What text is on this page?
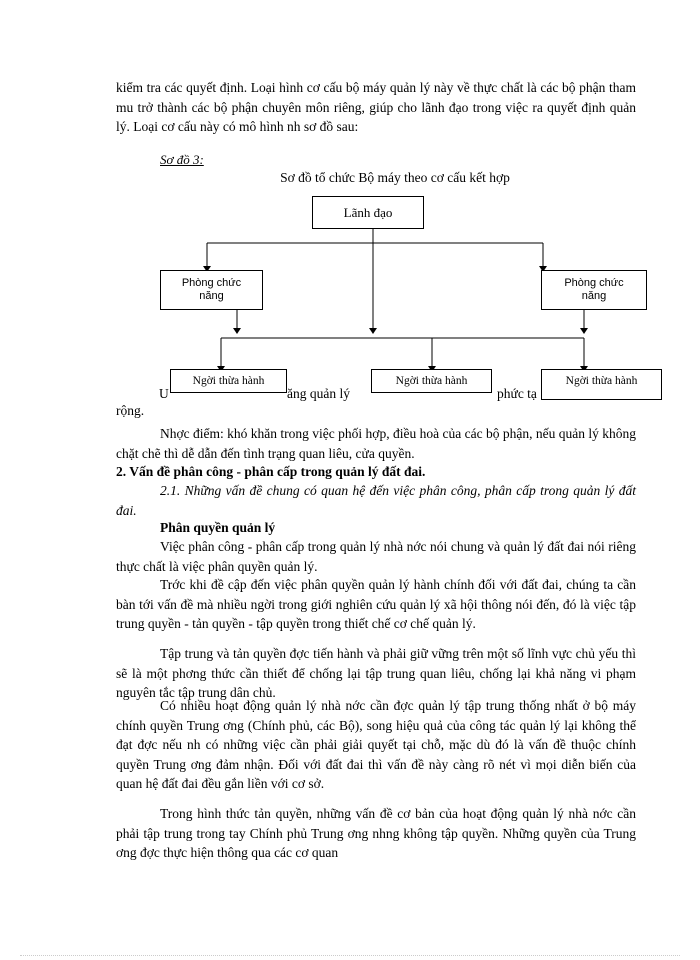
kiểm tra các quyết định. Loại hình cơ cấu bộ máy quản lý này về thực chất là các bộ phận tham mu trở thành các bộ phận chuyên môn riêng, giúp cho lãnh đạo trong việc ra quyết định quản lý. Loại cơ cấu này có mô hình nh sơ đồ sau:

Sơ đồ 3:
Sơ đồ tổ chức Bộ máy theo cơ cấu kết hợp
Lãnh đạo
Phòng chức năng
Phòng chức năng
U	ăng quản lý	phức tạ
rộng.
Ngời thừa hành	Ngời thừa hành	Ngời thừa hành

Nhợc điểm: khó khăn trong việc phối hợp, điều hoà của các bộ phận, nếu quản lý không chặt chẽ thì dễ dẫn đến tình trạng quan liêu, cửa quyền.

2. Vấn đề phân công - phân cấp trong quản lý đất đai.

2.1. Những vấn đề chung có quan hệ đến việc phân công, phân cấp trong quản lý đất đai.

Phân quyền quản lý

Việc phân công - phân cấp trong quản lý nhà nớc nói chung và quản lý đất đai nói riêng thực chất là việc phân quyền quản lý.

Trớc khi đề cập đến việc phân quyền quản lý hành chính đối với đất đai, chúng ta cần bàn tới vấn đề mà nhiều ngời trong giới nghiên cứu quản lý xã hội thông nói đến, đó là việc tập trung quyền - tản quyền - tập quyền trong thiết chế cơ chế quản lý.

Tập trung và tản quyền đợc tiến hành và phải giữ vững trên một số lĩnh vực chủ yếu thì sẽ là một phơng thức cần thiết để chống lại tập trung quan liêu, chống lại khả năng vi phạm nguyên tắc tập trung dân chủ.

Có nhiều hoạt động quản lý nhà nớc cần đợc quản lý tập trung thống nhất ở bộ máy chính quyền Trung ơng (Chính phủ, các Bộ), song hiệu quả của công tác quản lý lại không thể đạt đợc nếu nh có những việc cần phải giải quyết tại chỗ, mặc dù đó là vấn đề thuộc chính quyền Trung ơng đảm nhận. Đối với đất đai thì vấn đề này càng rõ nét vì mọi diễn biến của quan hệ đất đai đều gắn liền với cơ sở.

Trong hình thức tản quyền, những vấn đề cơ bản của hoạt động quản lý nhà nớc cần phải tập trung trong tay Chính phủ Trung ơng nhng không tập quyền. Những quyền của Trung ơng đợc thực hiện thông qua các cơ quan
